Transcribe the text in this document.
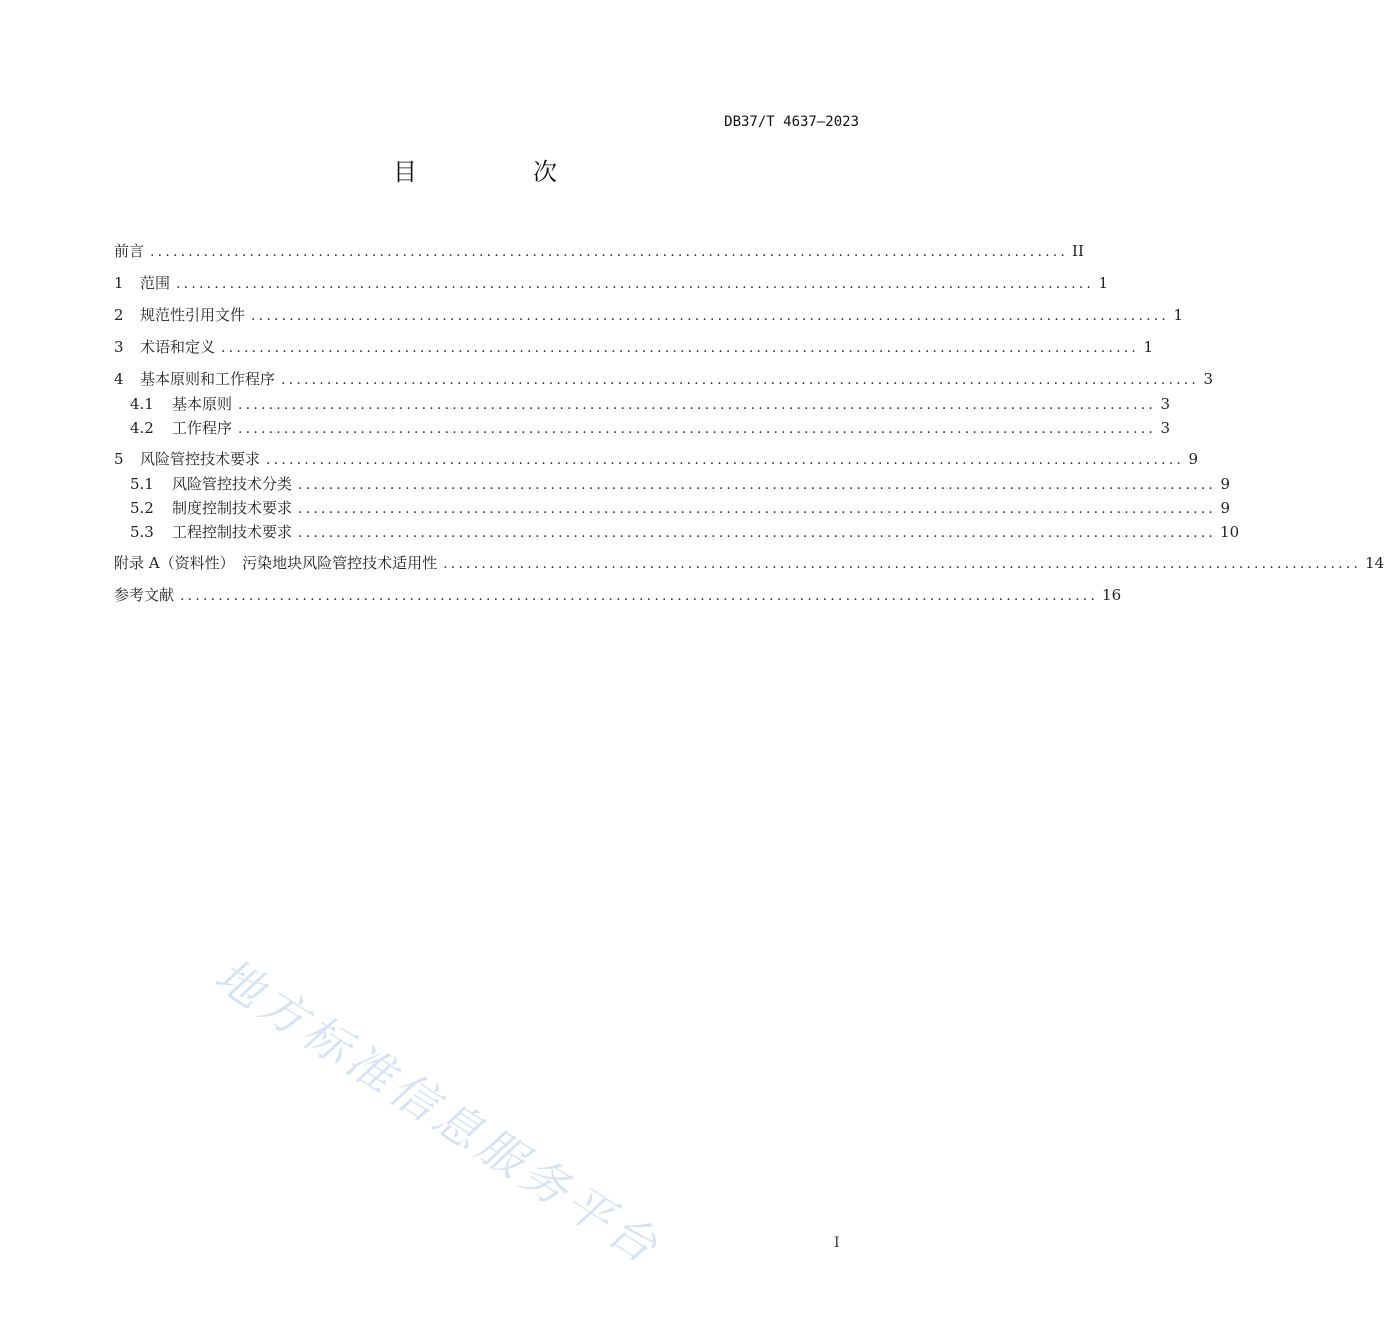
DB37/T 4637—2023
目　次
前言 ........................................................................................................................ II
1	范围 ........................................................................................................................ 1
2	规范性引用文件 ........................................................................................................................ 1
3	术语和定义 ........................................................................................................................ 1
4	基本原则和工作程序 ........................................................................................................................ 3
4.1	基本原则 ........................................................................................................................ 3
4.2	工作程序 ........................................................................................................................ 3
5	风险管控技术要求 ........................................................................................................................ 9
5.1	风险管控技术分类 ........................................................................................................................ 9
5.2	制度控制技术要求 ........................................................................................................................ 9
5.3	工程控制技术要求 ........................................................................................................................ 10
附录 A（资料性）　污染地块风险管控技术适用性 ........................................................................................................................ 14
参考文献 ........................................................................................................................ 16
地方标准信息服务平台	I
